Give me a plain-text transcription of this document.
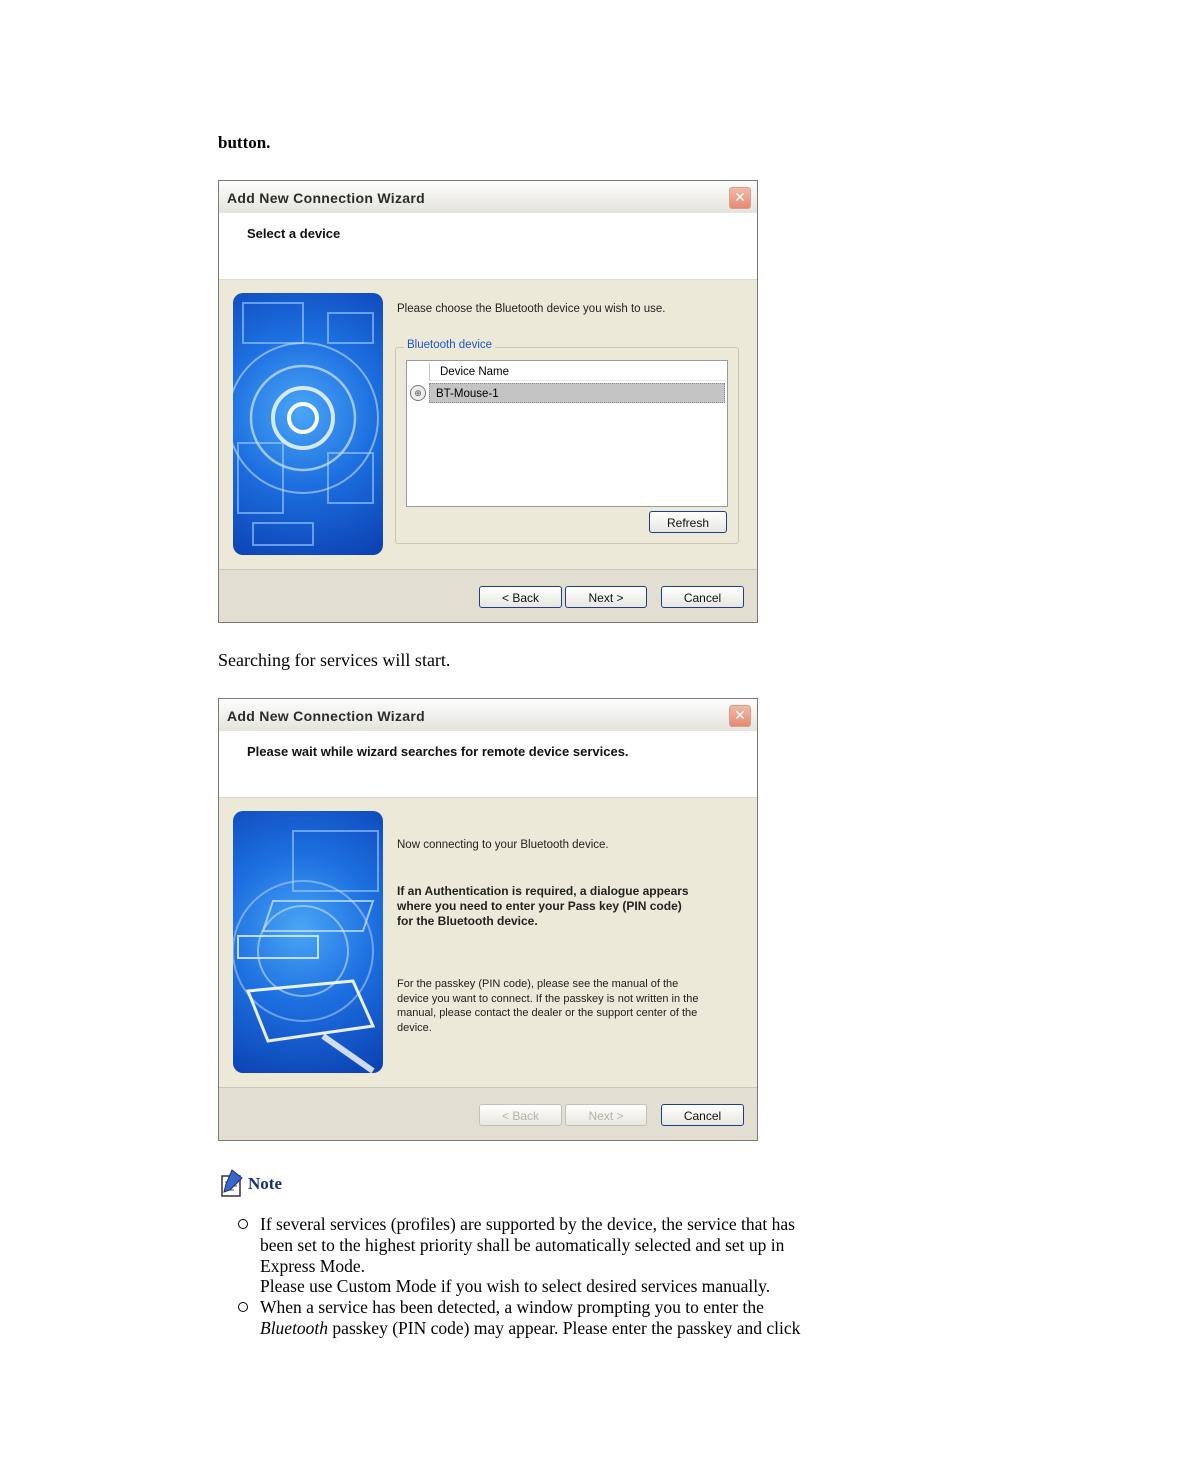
button.
Add New Connection Wizard	✕
Select a device
Please choose the Bluetooth device you wish to use.
Bluetooth device
Device Name
⊕	BT-Mouse-1
Refresh
< Back	Next >	Cancel
Searching for services will start.
Add New Connection Wizard	✕
Please wait while wizard searches for remote device services.
Now connecting to your Bluetooth device.
If an Authentication is required, a dialogue appears
where you need to enter your Pass key (PIN code)
for the Bluetooth device.
For the passkey (PIN code), please see the manual of the
device you want to connect. If the passkey is not written in the
manual, please contact the dealer or the support center of the
device.
< Back	Next >	Cancel
Note

If several services (profiles) are supported by the device, the service that has
been set to the highest priority shall be automatically selected and set up in
Express Mode.
Please use Custom Mode if you wish to select desired services manually.

When a service has been detected, a window prompting you to enter the
Bluetooth passkey (PIN code) may appear. Please enter the passkey and click
